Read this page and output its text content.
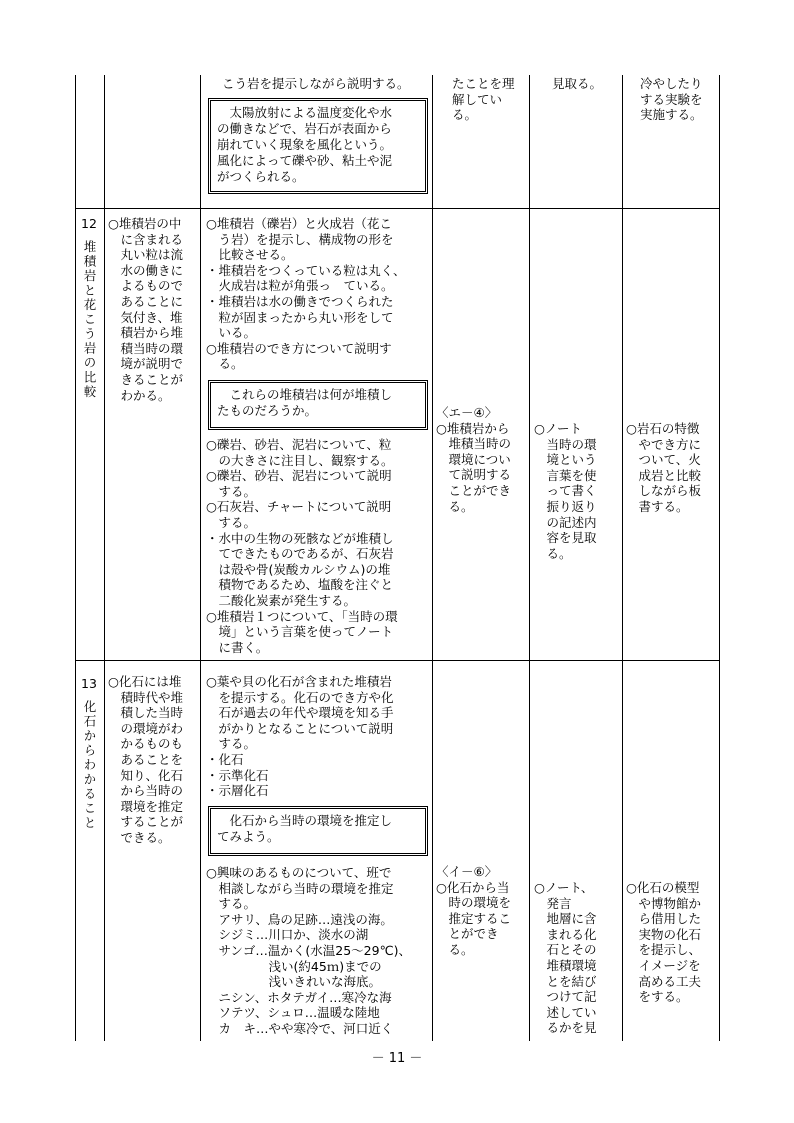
こう岩を提示しながら説明する。
　太陽放射による温度変化や水
の働きなどで、岩石が表面から
崩れていく現象を風化という。
風化によって礫や砂、粘土や泥
がつくられる。
たことを理
解してい
る。
見取る。	冷やしたり
する実験を
実施する。
12
堆積岩と花こう岩の比較
○堆積岩の中
　に含まれる
　丸い粒は流
　水の働きに
　よるもので
　あることに
　気付き、堆
　積岩から堆
　積当時の環
　境が説明で
　きることが
　わかる。
○堆積岩（礫岩）と火成岩（花こ
　う岩）を提示し、構成物の形を
　比較させる。
・堆積岩をつくっている粒は丸く、
　火成岩は粒が角張っ　ている。
・堆積岩は水の働きでつくられた
　粒が固まったから丸い形をして
　いる。
○堆積岩のでき方について説明す
　る。
　これらの堆積岩は何が堆積し
たものだろうか。
○礫岩、砂岩、泥岩について、粒
　の大きさに注目し、観察する。
○礫岩、砂岩、泥岩について説明
　する。
○石灰岩、チャートについて説明
　する。
・水中の生物の死骸などが堆積し
　てできたものであるが、石灰岩
　は殻や骨(炭酸カルシウム)の堆
　積物であるため、塩酸を注ぐと
　二酸化炭素が発生する。
○堆積岩１つについて、「当時の環
　境」という言葉を使ってノート
　に書く。
〈エ－④〉
○堆積岩から
　堆積当時の
　環境につい
　て説明する
　ことができ
　る。
○ノート
　当時の環
　境という
　言葉を使
　って書く
　振り返り
　の記述内
　容を見取
　る。
○岩石の特徴
　やでき方に
　ついて、火
　成岩と比較
　しながら板
　書する。
13
化石からわかること
○化石には堆
　積時代や堆
　積した当時
　の環境がわ
　かるものも
　あることを
　知り、化石
　から当時の
　環境を推定
　することが
　できる。
○葉や貝の化石が含まれた堆積岩
　を提示する。化石のでき方や化
　石が過去の年代や環境を知る手
　がかりとなることについて説明
　する。
・化石
・示準化石
・示層化石
　化石から当時の環境を推定し
てみよう。
○興味のあるものについて、班で
　相談しながら当時の環境を推定
　する。
　アサリ、鳥の足跡…遠浅の海。
　シジミ…川口か、淡水の湖
　サンゴ…温かく(水温25～29℃)、
　　　　　浅い(約45ｍ)までの
　　　　　浅いきれいな海底。
　ニシン、ホタテガイ…寒冷な海
　ソテツ、シュロ…温暖な陸地
　カ　キ…やや寒冷で、河口近く
〈イ－⑥〉
○化石から当
　時の環境を
　推定するこ
　とができ
　る。
○ノート、
　発言
　地層に含
　まれる化
　石とその
　堆積環境
　とを結び
　つけて記
　述してい
　るかを見
○化石の模型
　や博物館か
　ら借用した
　実物の化石
　を提示し、
　イメージを
　高める工夫
　をする。
－ 11 －
